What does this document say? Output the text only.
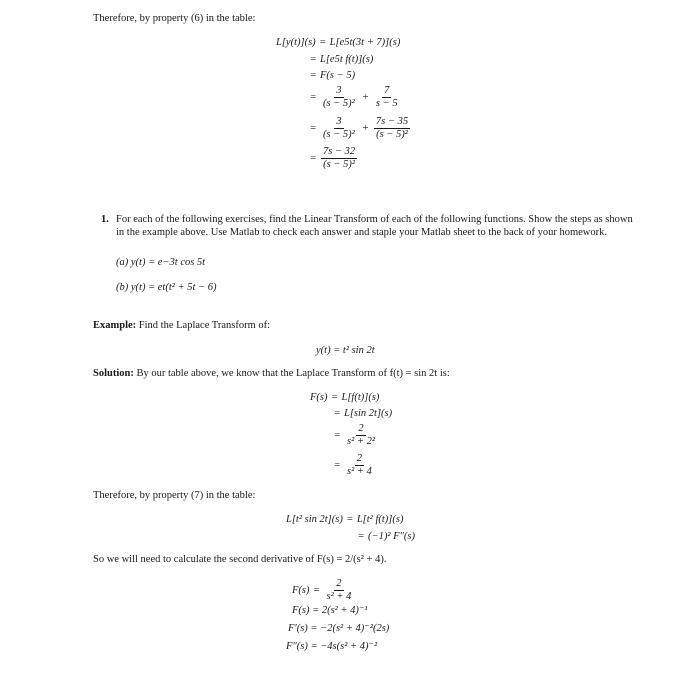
Therefore, by property (6) in the table:
L[y(t)](s) = L[e5t(3t + 7)](s)
= L[e5t f(t)](s)
= F(s − 5)
= $\frac{3}{\text{(s − 5)²}} + \frac{7}{s - 5}$
= $\frac{3}{\text{(s − 5)²}} + \frac{7s - 35}{\text{(s − 5)²}}$
= $\frac{7s - 32}{\text{(s − 5)²}}$
1. For each of the following exercises, find the Linear Transform of each of the following functions. Show the steps as shown in the example above. Use Matlab to check each answer and staple your Matlab sheet to the back of your homework.
(a) y(t) = e−3t cos 5t
(b) y(t) = et(t² + 5t − 6)
Example: Find the Laplace Transform of:
y(t) = t² sin 2t
Solution: By our table above, we know that the Laplace Transform of f(t) = sin 2t is:
F(s) = L[f(t)](s)
= L[sin 2t](s)
= $\frac{2}{\text{s² + 2²}}$
= $\frac{2}{\text{s² + 4}}$
Therefore, by property (7) in the table:
L[t² sin 2t](s) = L[t² f(t)](s)
= (−1)² F″(s)
So we will need to calculate the second derivative of F(s) = 2/(s² + 4).
$F(s) = \frac{2}{\text{s² + 4}}$
F(s) = 2(s² + 4)⁻¹
F′(s) = −2(s² + 4)⁻²(2s)
F″(s) = −4s(s² + 4)⁻²
